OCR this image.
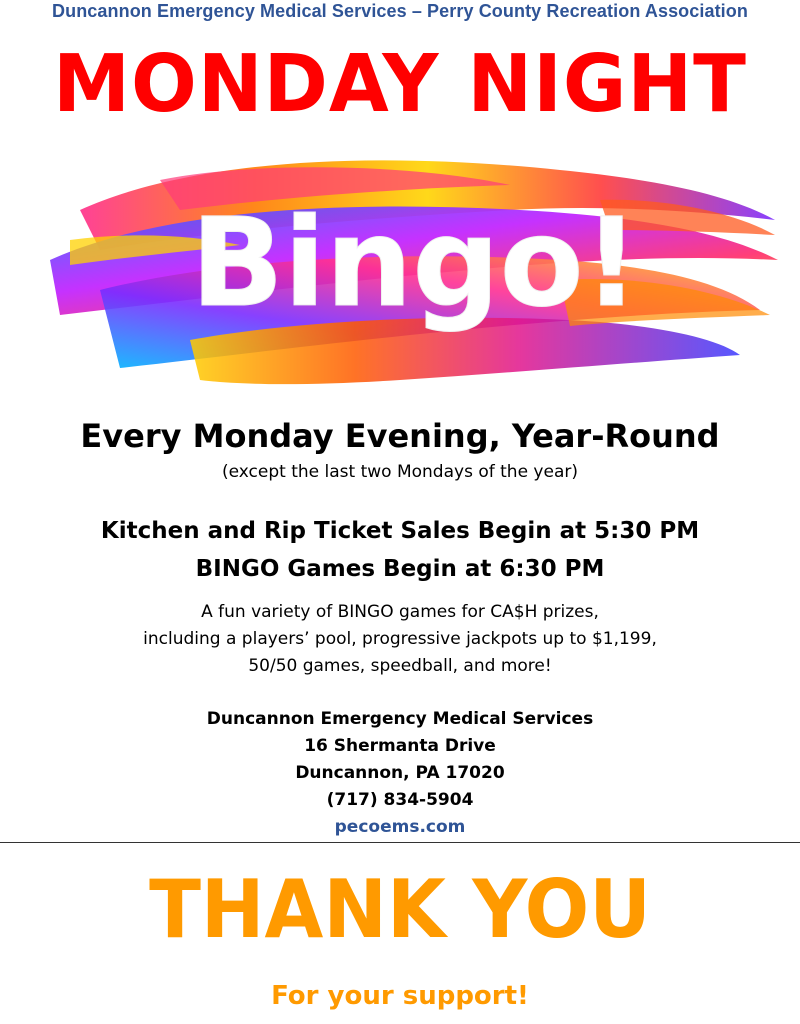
Duncannon Emergency Medical Services – Perry County Recreation Association
MONDAY NIGHT
Bingo!
Every Monday Evening, Year-Round
(except the last two Mondays of the year)
Kitchen and Rip Ticket Sales Begin at 5:30 PM
BINGO Games Begin at 6:30 PM
A fun variety of BINGO games for CA$H prizes,
including a players’ pool, progressive jackpots up to $1,199,
50/50 games, speedball, and more!
Duncannon Emergency Medical Services
16 Shermanta Drive
Duncannon, PA 17020
(717) 834-5904
pecoems.com
THANK YOU
For your support!
